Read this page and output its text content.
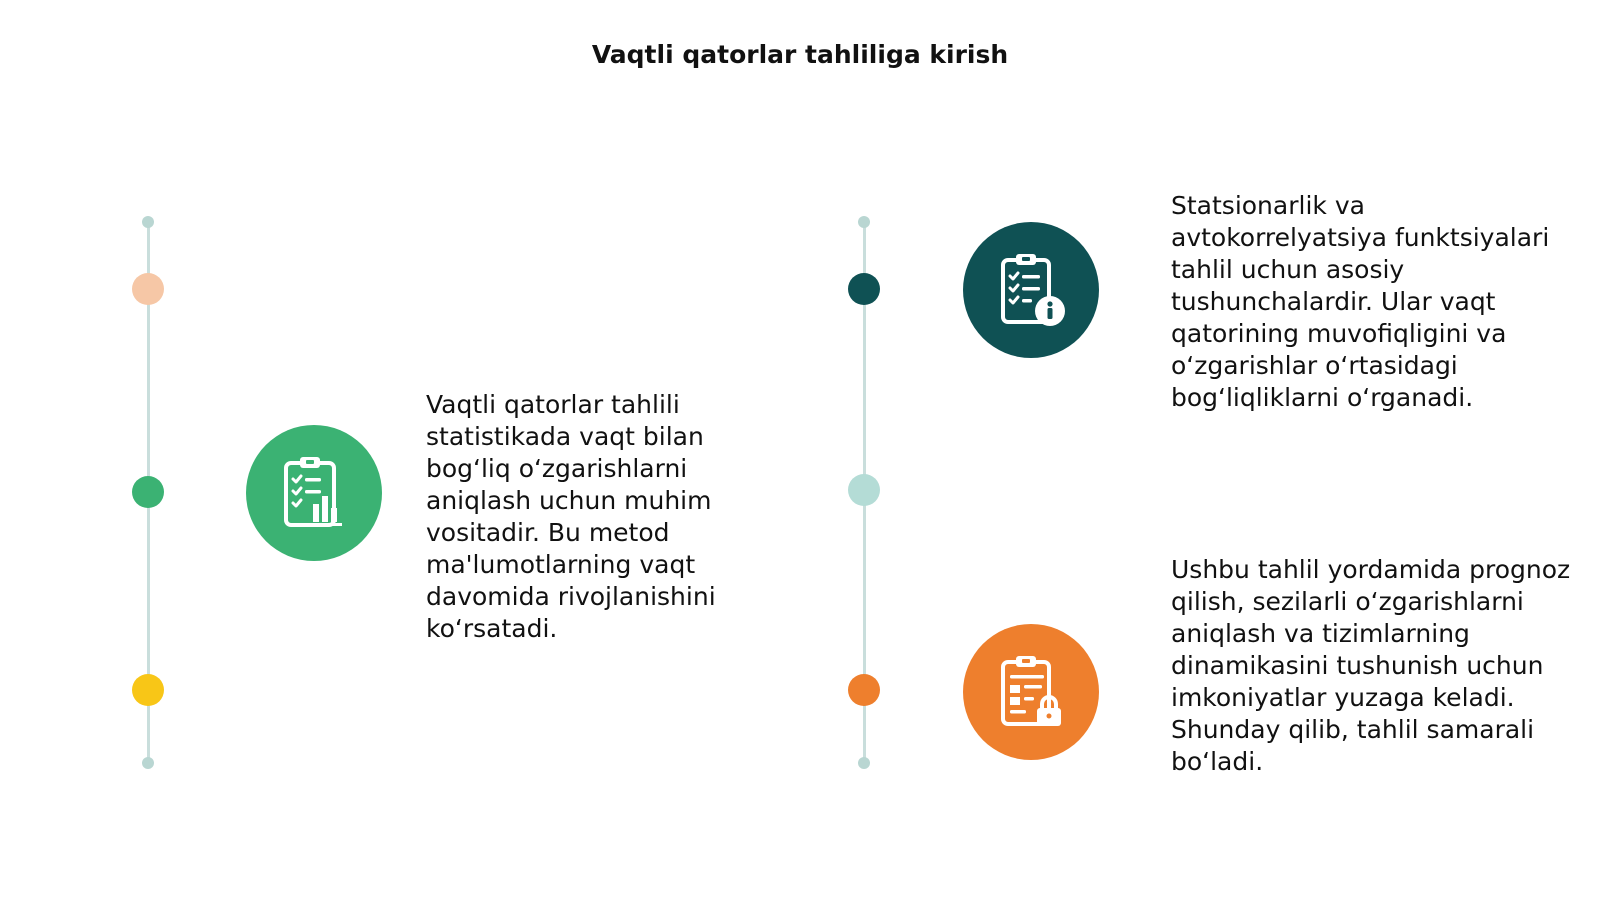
Vaqtli qatorlar tahliliga kirish
Vaqtli qatorlar tahlili statistikada vaqt bilan bog‘liq o‘zgarishlarni aniqlash uchun muhim vositadir. Bu metod ma'lumotlarning vaqt davomida rivojlanishini ko‘rsatadi.
Statsionarlik va avtokorrelyatsiya funktsiyalari tahlil uchun asosiy tushunchalardir. Ular vaqt qatorining muvofiqligini va o‘zgarishlar o‘rtasidagi bog‘liqliklarni o‘rganadi.
Ushbu tahlil yordamida prognoz qilish, sezilarli o‘zgarishlarni aniqlash va tizimlarning dinamikasini tushunish uchun imkoniyatlar yuzaga keladi. Shunday qilib, tahlil samarali bo‘ladi.
